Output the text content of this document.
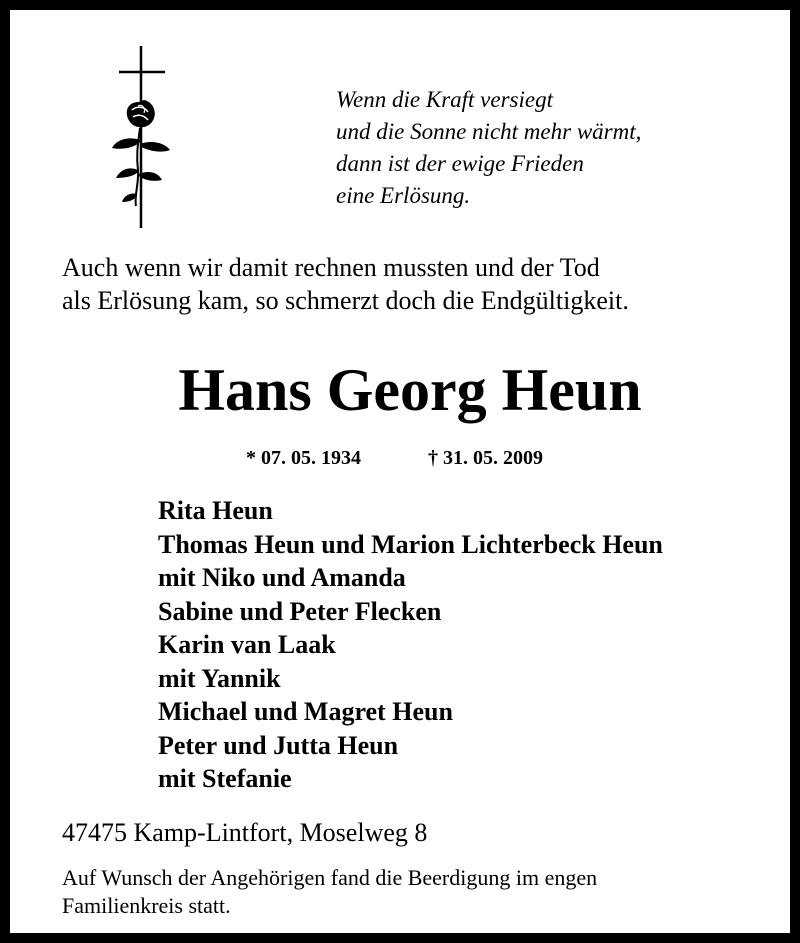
Wenn die Kraft versiegt
und die Sonne nicht mehr wärmt,
dann ist der ewige Frieden
eine Erlösung.
Auch wenn wir damit rechnen mussten und der Tod
als Erlösung kam, so schmerzt doch die Endgültigkeit.
Hans Georg Heun
* 07. 05. 1934	† 31. 05. 2009
Rita Heun
Thomas Heun und Marion Lichterbeck Heun
mit Niko und Amanda
Sabine und Peter Flecken
Karin van Laak
mit Yannik
Michael und Magret Heun
Peter und Jutta Heun
mit Stefanie
47475 Kamp-Lintfort, Moselweg 8
Auf Wunsch der Angehörigen fand die Beerdigung im engen
Familienkreis statt.
